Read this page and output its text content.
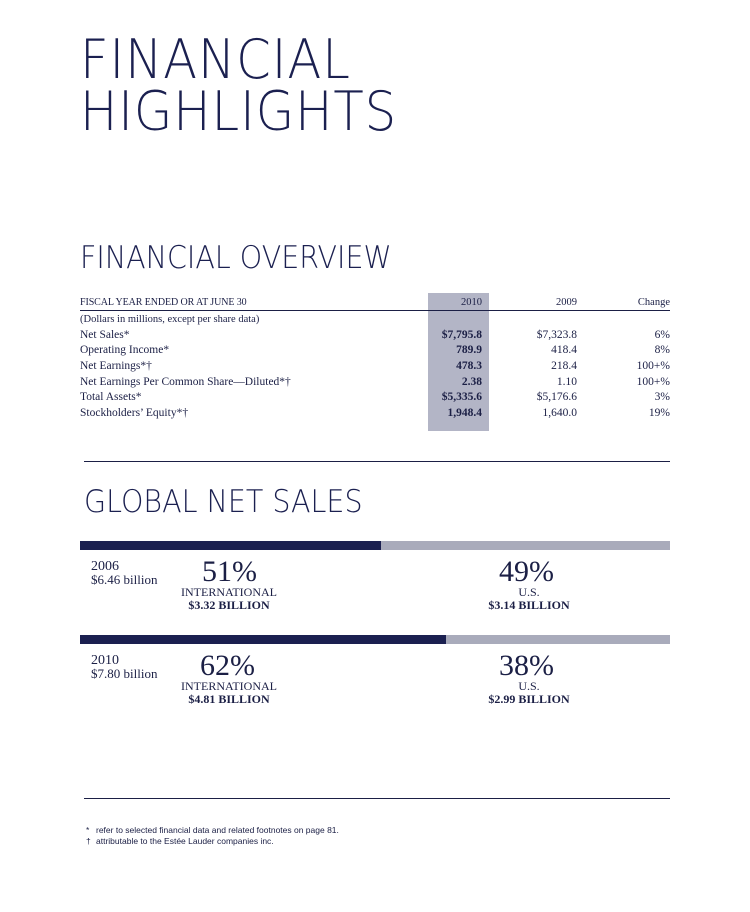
FINANCIAL
HIGHLIGHTS
FINANCIAL OVERVIEW
FISCAL YEAR ENDED OR AT JUNE 30	2010		2009	Change
(Dollars in millions, except per share data)				
Net Sales*	$7,795.8		$7,323.8	6%
Operating Income*	789.9		418.4	8%
Net Earnings*†	478.3		218.4	100+%
Net Earnings Per Common Share—Diluted*†	2.38		1.10	100+%
Total Assets*	$5,335.6		$5,176.6	3%
Stockholders’ Equity*†	1,948.4		1,640.0	19%
GLOBAL NET SALES
2006
$6.46 billion 51%
INTERNATIONAL
$3.32 BILLION
49%
U.S.
$3.14 BILLION
2010
$7.80 billion 62%
INTERNATIONAL
$4.81 BILLION
38%
U.S.
$2.99 BILLION
* refer to selected financial data and related footnotes on page 81.
† attributable to the Estée Lauder companies inc.
